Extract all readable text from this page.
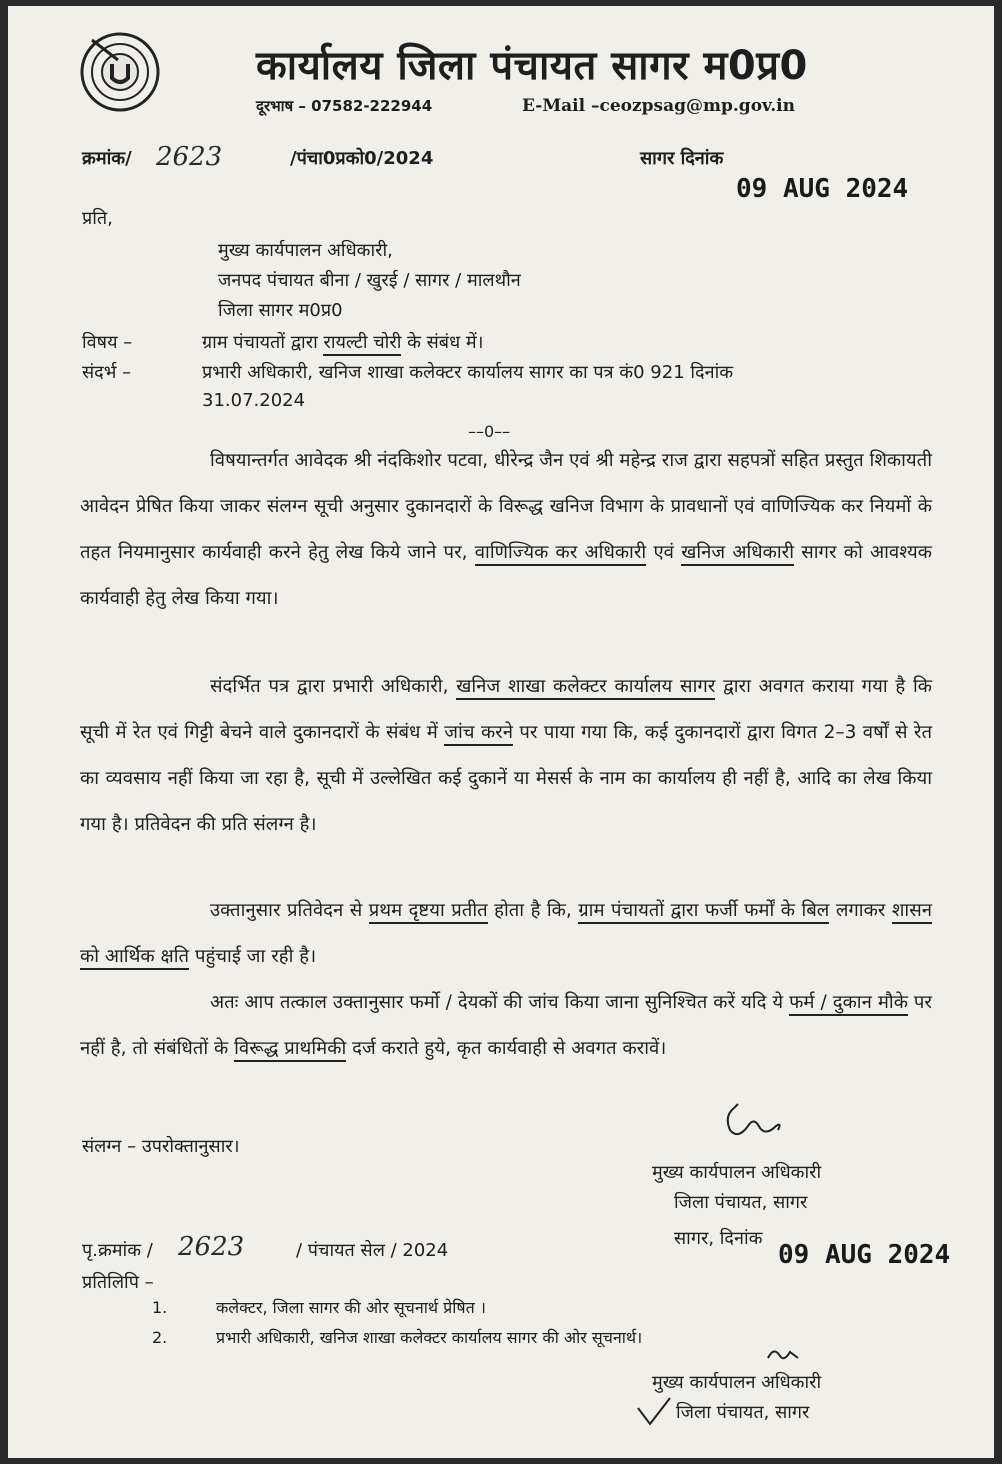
कार्यालय जिला पंचायत सागर म0प्र0
दूरभाष – 07582-222944	E-Mail –ceozpsag@mp.gov.in
क्रमांक/ 2623	/पंचा0प्रको0/2024	सागर दिनांक
09 AUG 2024
प्रति,
मुख्य कार्यपालन अधिकारी,
जनपद पंचायत बीना / खुरई / सागर / मालथौन
जिला सागर म0प्र0
विषय –	ग्राम पंचायतों द्वारा रायल्टी चोरी के संबंध में।
संदर्भ –	प्रभारी अधिकारी, खनिज शाखा कलेक्टर कार्यालय सागर का पत्र कं0 921 दिनांक
31.07.2024
––0––
विषयान्तर्गत आवेदक श्री नंदकिशोर पटवा, धीरेन्द्र जैन एवं श्री महेन्द्र राज द्वारा सहपत्रों सहित प्रस्तुत शिकायती आवेदन प्रेषित किया जाकर संलग्न सूची अनुसार दुकानदारों के विरूद्ध खनिज विभाग के प्रावधानों एवं वाणिज्यिक कर नियमों के तहत नियमानुसार कार्यवाही करने हेतु लेख किये जाने पर, वाणिज्यिक कर अधिकारी एवं खनिज अधिकारी सागर को आवश्यक कार्यवाही हेतु लेख किया गया।
संदर्भित पत्र द्वारा प्रभारी अधिकारी, खनिज शाखा कलेक्टर कार्यालय सागर द्वारा अवगत कराया गया है कि सूची में रेत एवं गिट्टी बेचने वाले दुकानदारों के संबंध में जांच करने पर पाया गया कि, कई दुकानदारों द्वारा विगत 2–3 वर्षों से रेत का व्यवसाय नहीं किया जा रहा है, सूची में उल्लेखित कई दुकानें या मेसर्स के नाम का कार्यालय ही नहीं है, आदि का लेख किया गया है। प्रतिवेदन की प्रति संलग्न है।
उक्तानुसार प्रतिवेदन से प्रथम दृष्टया प्रतीत होता है कि, ग्राम पंचायतों द्वारा फर्जी फर्मों के बिल लगाकर शासन को आर्थिक क्षति पहुंचाई जा रही है।
अतः आप तत्काल उक्तानुसार फर्मो / देयकों की जांच किया जाना सुनिश्चित करें यदि ये फर्म / दुकान मौके पर नहीं है, तो संबंधितों के विरूद्ध प्राथमिकी दर्ज कराते हुये, कृत कार्यवाही से अवगत करावें।
संलग्न – उपरोक्तानुसार।
मुख्य कार्यपालन अधिकारी
जिला पंचायत, सागर
पृ.क्रमांक / 2623	/ पंचायत सेल / 2024
सागर, दिनांक
09 AUG 2024
प्रतिलिपि –
1.	कलेक्टर, जिला सागर की ओर सूचनार्थ प्रेषित ।
2.	प्रभारी अधिकारी, खनिज शाखा कलेक्टर कार्यालय सागर की ओर सूचनार्थ।
मुख्य कार्यपालन अधिकारी
जिला पंचायत, सागर
